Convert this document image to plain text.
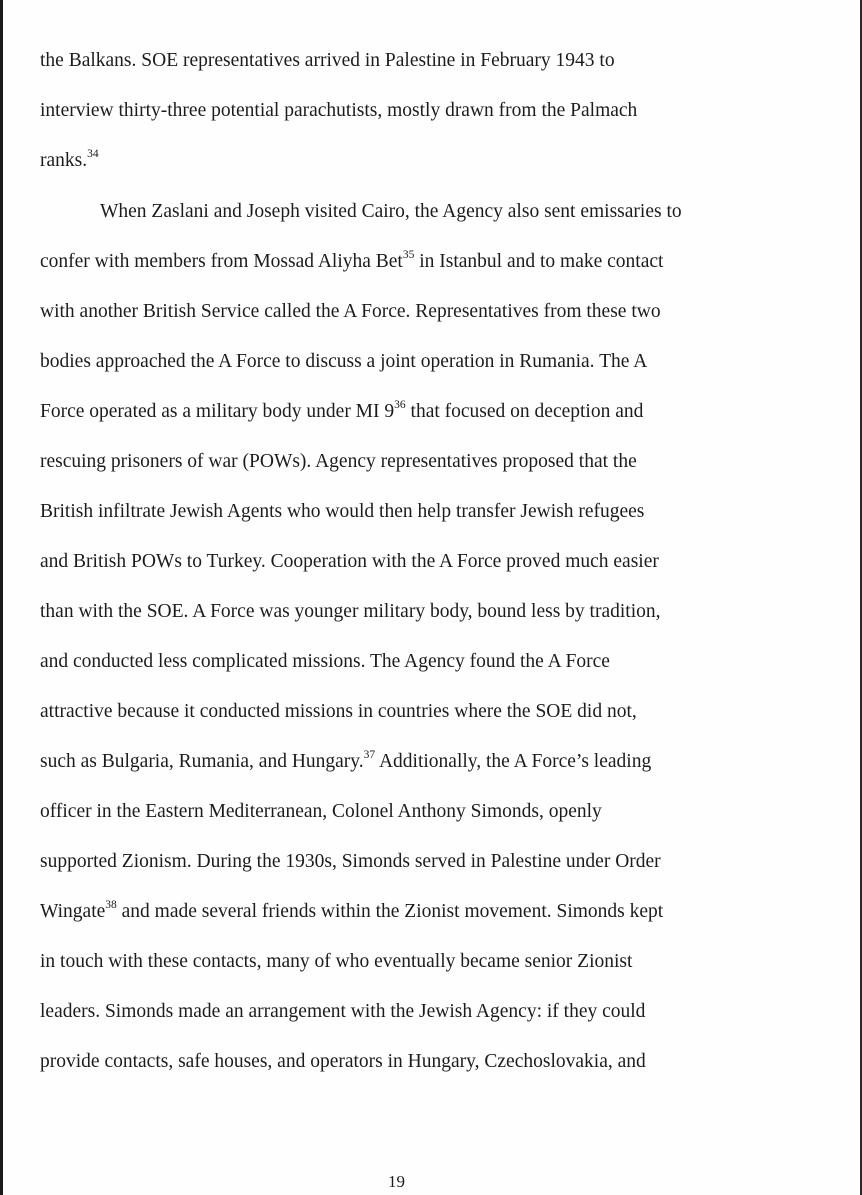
the Balkans. SOE representatives arrived in Palestine in February 1943 to
interview thirty-three potential parachutists, mostly drawn from the Palmach
ranks.$^{34}$
When Zaslani and Joseph visited Cairo, the Agency also sent emissaries to
confer with members from Mossad Aliyha Bet$^{35}$ in Istanbul and to make contact
with another British Service called the A Force. Representatives from these two
bodies approached the A Force to discuss a joint operation in Rumania. The A
Force operated as a military body under MI $9^{36}$ that focused on deception and
rescuing prisoners of war (POWs). Agency representatives proposed that the
British infiltrate Jewish Agents who would then help transfer Jewish refugees
and British POWs to Turkey. Cooperation with the A Force proved much easier
than with the SOE. A Force was younger military body, bound less by tradition,
and conducted less complicated missions. The Agency found the A Force
attractive because it conducted missions in countries where the SOE did not,
such as Bulgaria, Rumania, and Hungary.$^{37}$ Additionally, the A Force’s leading
officer in the Eastern Mediterranean, Colonel Anthony Simonds, openly
supported Zionism. During the 1930s, Simonds served in Palestine under Order
Wingate$^{38}$ and made several friends within the Zionist movement. Simonds kept
in touch with these contacts, many of who eventually became senior Zionist
leaders. Simonds made an arrangement with the Jewish Agency: if they could
provide contacts, safe houses, and operators in Hungary, Czechoslovakia, and
19
